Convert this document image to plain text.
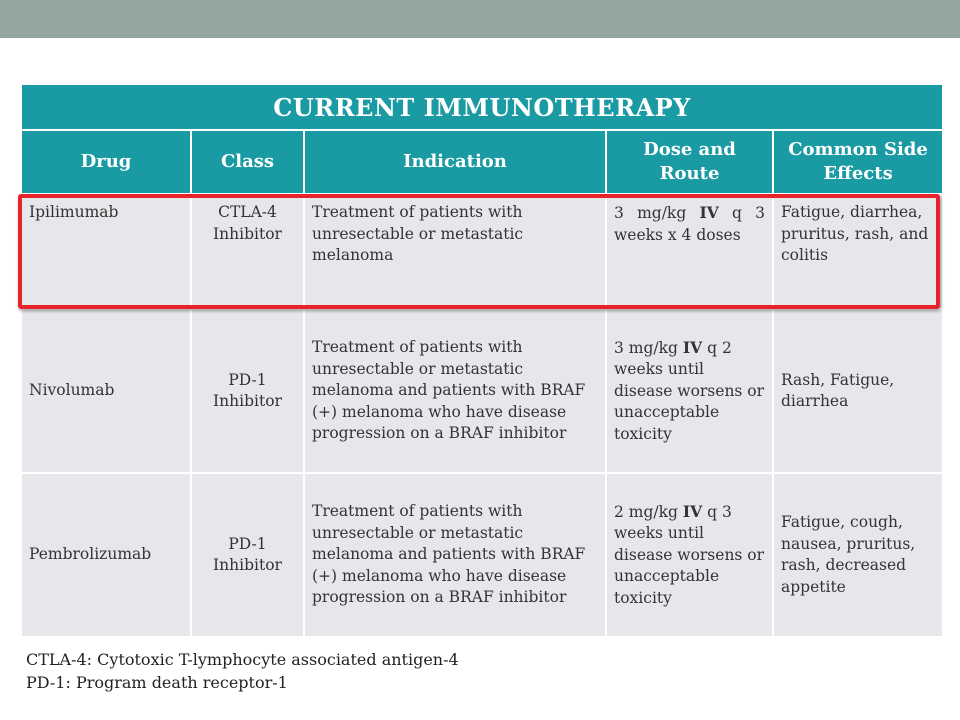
CURRENT IMMUNOTHERAPY				
Drug	Class	Indication	Dose and Route	Common Side Effects
Ipilimumab	CTLA-4 Inhibitor	Treatment of patients with unresectable or metastatic melanoma	3 mg/kg IV q 3 weeks x 4 doses	Fatigue, diarrhea, pruritus, rash, and colitis
Nivolumab	PD-1 Inhibitor	Treatment of patients with unresectable or metastatic melanoma and patients with BRAF (+) melanoma who have disease progression on a BRAF inhibitor	3 mg/kg IV q 2 weeks until disease worsens or unacceptable toxicity	Rash, Fatigue, diarrhea
Pembrolizumab	PD-1 Inhibitor	Treatment of patients with unresectable or metastatic melanoma and patients with BRAF (+) melanoma who have disease progression on a BRAF inhibitor	2 mg/kg IV q 3 weeks until disease worsens or unacceptable toxicity	Fatigue, cough, nausea, pruritus, rash, decreased appetite
CTLA-4: Cytotoxic T-lymphocyte associated antigen-4
PD-1: Program death receptor-1
